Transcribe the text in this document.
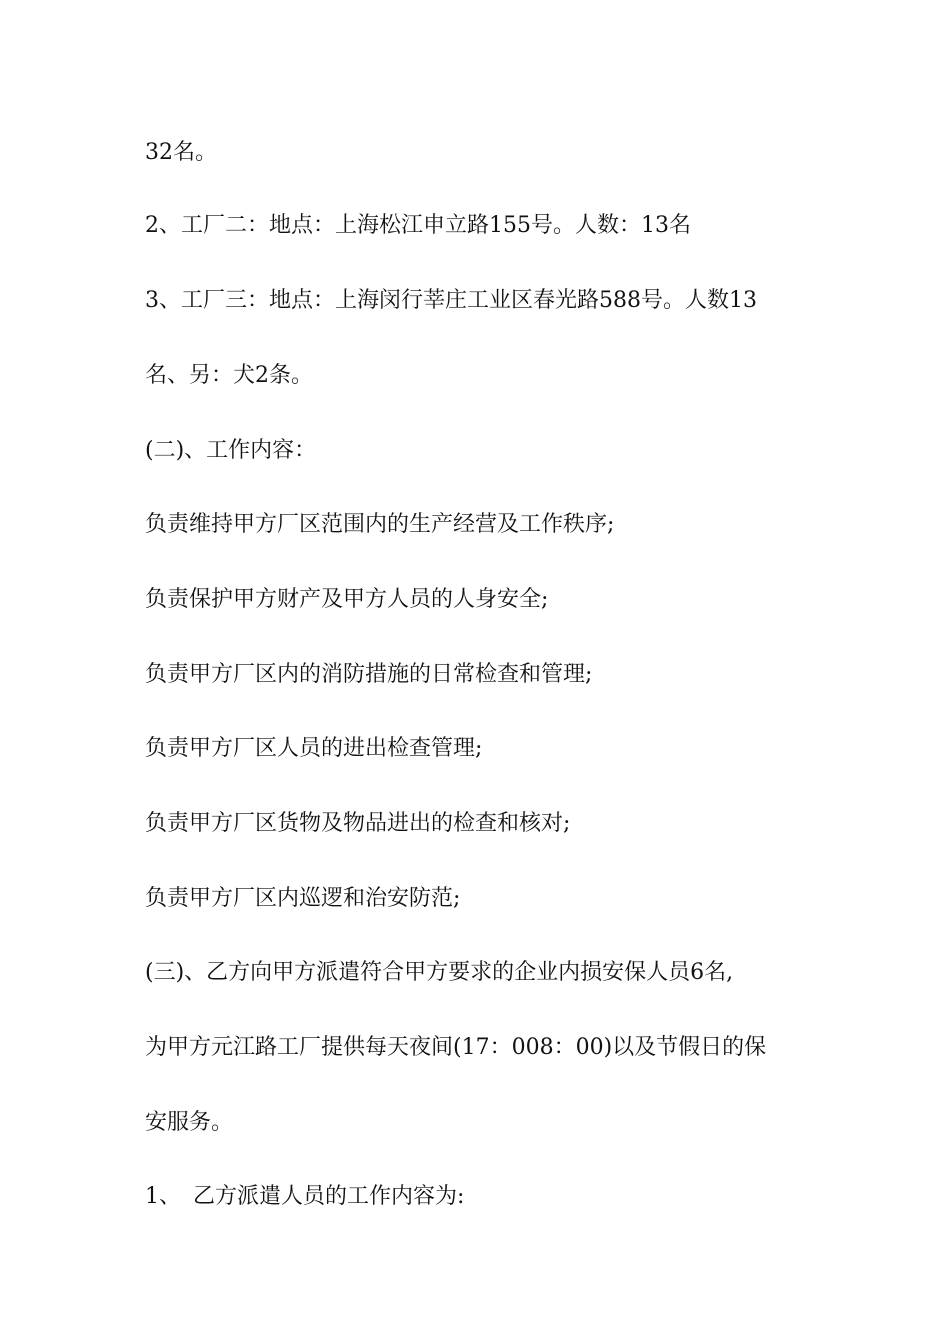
32名。
2、工厂二：地点：上海松江申立路155号。人数：13名
3、工厂三：地点：上海闵行莘庄工业区春光路588号。人数13
名、另：犬2条。
(二)、工作内容：
负责维持甲方厂区范围内的生产经营及工作秩序;
负责保护甲方财产及甲方人员的人身安全;
负责甲方厂区内的消防措施的日常检查和管理;
负责甲方厂区人员的进出检查管理;
负责甲方厂区货物及物品进出的检查和核对;
负责甲方厂区内巡逻和治安防范;
(三)、乙方向甲方派遣符合甲方要求的企业内损安保人员6名,
为甲方元江路工厂提供每天夜间(17：008：00)以及节假日的保
安服务。
1、 乙方派遣人员的工作内容为:
